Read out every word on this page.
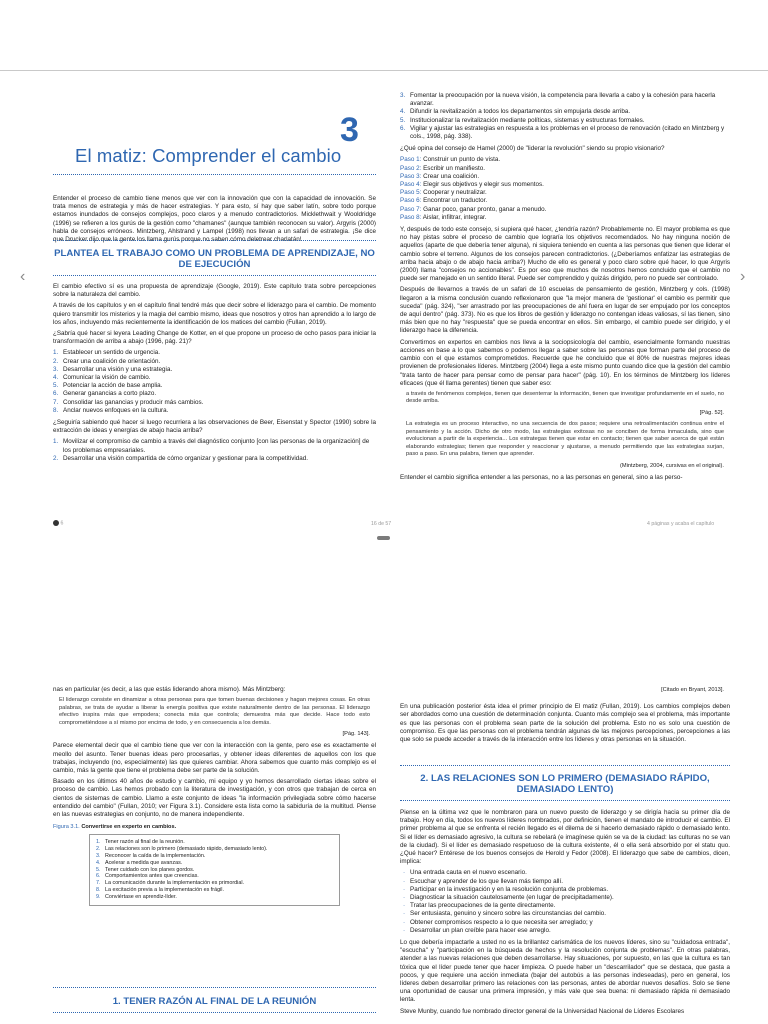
‹	›
3
El matiz: Comprender el cambio

Entender el proceso de cambio tiene menos que ver con la innovación que con la capacidad de innovación. Se trata menos de estrategia y más de hacer estrategias. Y para esto, sí hay que saber latín, sobre todo porque estamos inundados de consejos complejos, poco claros y a menudo contradictorios. Micklethwait y Wooldridge (1996) se refieren a los gurús de la gestión como "chamanes" (aunque también reconocen su valor). Argyris (2000) habla de consejos erróneos. Mintzberg, Ahlstrand y Lampel (1998) nos llevan a un safari de estrategia. ¡Se dice que Drucker dijo que la gente los llama gurús porque no saben cómo deletrear charlatán!

PLANTEA EL TRABAJO COMO UN PROBLEMA DE APRENDIZAJE, NO DE EJECUCIÓN

El cambio efectivo sí es una propuesta de aprendizaje (Google, 2019). Este capítulo trata sobre percepciones sobre la naturaleza del cambio.

A través de los capítulos y en el capítulo final tendré más que decir sobre el liderazgo para el cambio. De momento quiero transmitir los misterios y la magia del cambio mismo, ideas que nosotros y otros han aprendido a lo largo de los años, incluyendo más recientemente la identificación de los matices del cambio (Fullan, 2019).

¿Sabría qué hacer si leyera Leading Change de Kotter, en el que propone un proceso de ocho pasos para iniciar la transformación de arriba a abajo (1996, pág. 21)?

1. Establecer un sentido de urgencia.
2. Crear una coalición de orientación.
3. Desarrollar una visión y una estrategia.
4. Comunicar la visión de cambio.
5. Potenciar la acción de base amplia.
6. Generar ganancias a corto plazo.
7. Consolidar las ganancias y producir más cambios.
8. Anclar nuevos enfoques en la cultura.

¿Seguiría sabiendo qué hacer si luego recurriera a las observaciones de Beer, Eisenstat y Spector (1990) sobre la extracción de ideas y energías de abajo hacia arriba?

1. Movilizar el compromiso de cambio a través del diagnóstico conjunto [con las personas de la organización] de los problemas empresariales.
2. Desarrollar una visión compartida de cómo organizar y gestionar para la competitividad.
3. Fomentar la preocupación por la nueva visión, la competencia para llevarla a cabo y la cohesión para hacerla avanzar.
4. Difundir la revitalización a todos los departamentos sin empujarla desde arriba.
5. Institucionalizar la revitalización mediante políticas, sistemas y estructuras formales.
6. Vigilar y ajustar las estrategias en respuesta a los problemas en el proceso de renovación (citado en Mintzberg y cols., 1998, pág. 338).

¿Qué opina del consejo de Hamel (2000) de "liderar la revolución" siendo su propio visionario?

Paso 1: Construir un punto de vista.
Paso 2: Escribir un manifiesto.
Paso 3: Crear una coalición.
Paso 4: Elegir sus objetivos y elegir sus momentos.
Paso 5: Cooperar y neutralizar.
Paso 6: Encontrar un traductor.
Paso 7: Ganar poco, ganar pronto, ganar a menudo.
Paso 8: Aislar, infiltrar, integrar.

Y, después de todo este consejo, si supiera qué hacer, ¿tendría razón? Probablemente no. El mayor problema es que no hay pistas sobre el proceso de cambio que lograría los objetivos recomendados. No hay ninguna noción de aquellos (aparte de que debería tener alguna), ni siquiera teniendo en cuenta a las personas que tienen que liderar el cambio sobre el terreno. Algunos de los consejos parecen contradictorios. (¿Deberíamos enfatizar las estrategias de arriba hacia abajo o de abajo hacia arriba?) Mucho de ello es general y poco claro sobre qué hacer, lo que Argyris (2000) llama "consejos no accionables". Es por eso que muchos de nosotros hemos concluido que el cambio no puede ser manejado en un sentido literal. Puede ser comprendido y quizás dirigido, pero no puede ser controlado.

Después de llevarnos a través de un safari de 10 escuelas de pensamiento de gestión, Mintzberg y cols. (1998) llegaron a la misma conclusión cuando reflexionaron que "la mejor manera de 'gestionar' el cambio es permitir que suceda" (pág. 324), "ser arrastrado por las preocupaciones de ahí fuera en lugar de ser empujado por los conceptos de aquí dentro" (pág. 373). No es que los libros de gestión y liderazgo no contengan ideas valiosas, sí las tienen, sino más bien que no hay "respuesta" que se pueda encontrar en ellos. Sin embargo, el cambio puede ser dirigido, y el liderazgo hace la diferencia.

Convertirnos en expertos en cambios nos lleva a la sociopsicología del cambio, esencialmente formando nuestras acciones en base a lo que sabemos o podemos llegar a saber sobre las personas que forman parte del proceso de cambio con el que estamos comprometidos. Recuerde que he concluido que el 80% de nuestras mejores ideas provienen de profesionales líderes. Mintzberg (2004) llega a este mismo punto cuando dice que la gestión del cambio "trata tanto de hacer para pensar como de pensar para hacer" (pág. 10). En los términos de Mintzberg los líderes eficaces (que él llama gerentes) tienen que saber eso:

a través de fenómenos complejos, tienen que desenterrar la información, tienen que investigar profundamente en el suelo, no desde arriba.
[Pág. 52].
La estrategia es un proceso interactivo, no una secuencia de dos pasos; requiere una retroalimentación continua entre el pensamiento y la acción. Dicho de otro modo, las estrategias exitosas no se conciben de forma inmaculada, sino que evolucionan a partir de la experiencia... Los estrategas tienen que estar en contacto; tienen que saber acerca de qué están elaborando estrategias; tienen que responder y reaccionar y ajustarse, a menudo permitiendo que las estrategias surjan, paso a paso. En una palabra, tienen que aprender.
(Mintzberg, 2004, cursivas en el original).

Entender el cambio significa entender a las personas, no a las personas en general, sino a las perso-

6	16 de 57	4 páginas y acaba el capítulo

nas en particular (es decir, a las que estás liderando ahora mismo). Más Mintzberg:

El liderazgo consiste en dinamizar a otras personas para que tomen buenas decisiones y hagan mejores cosas. En otras palabras, se trata de ayudar a liberar la energía positiva que existe naturalmente dentro de las personas. El liderazgo efectivo inspira más que empodera; conecta más que controla; demuestra más que decide. Hace todo esto comprometiéndose a sí mismo por encima de todo, y en consecuencia a los demás.
[Pág. 143].

Parece elemental decir que el cambio tiene que ver con la interacción con la gente, pero ese es exactamente el meollo del asunto. Tener buenas ideas pero procesarlas, y obtener ideas diferentes de aquellos con los que trabajas, incluyendo (no, especialmente) las que quieres cambiar. Ahora sabemos que cuanto más complejo es el cambio, más la gente que tiene el problema debe ser parte de la solución.

Basado en los últimos 40 años de estudio y cambio, mi equipo y yo hemos desarrollado ciertas ideas sobre el proceso de cambio. Las hemos probado con la literatura de investigación, y con otros que trabajan de cerca en cientos de sistemas de cambio. Llamo a este conjunto de ideas "la información privilegiada sobre cómo hacerse entendido del cambio" (Fullan, 2010; ver Figura 3.1). Considere esta lista como la sabiduría de la multitud. Piense en las nuevas estrategias en conjunto, no de manera independiente.

Figura 3.1. Convertirse en experto en cambios.
1. Tener razón al final de la reunión.
2. Las relaciones son lo primero (demasiado rápido, demasiado lento).
3. Reconocer la caída de la implementación.
4. Acelerar a medida que avanzas.
5. Tener cuidado con los planes gordos.
6. Comportamientos antes que creencias.
7. La comunicación durante la implementación es primordial.
8. La excitación previa a la implementación es frágil.
9. Conviértase en aprendiz-líder.
1. TENER RAZÓN AL FINAL DE LA REUNIÓN
[Citado en Bryant, 2013].

En una publicación posterior ésta idea el primer principio de El matiz (Fullan, 2019). Los cambios complejos deben ser abordados como una cuestión de determinación conjunta. Cuanto más complejo sea el problema, más importante es que las personas con el problema sean parte de la solución del problema. Esto no es solo una cuestión de compromiso. Es que las personas con el problema tendrán algunas de las mejores percepciones, percepciones a las que solo se puede acceder a través de la interacción entre los líderes y otras personas en la situación.

2. LAS RELACIONES SON LO PRIMERO (DEMASIADO RÁPIDO, DEMASIADO LENTO)

Piense en la última vez que le nombraron para un nuevo puesto de liderazgo y se dirigía hacia su primer día de trabajo. Hoy en día, todos los nuevos líderes nombrados, por definición, tienen el mandato de introducir el cambio. El primer problema al que se enfrenta el recién llegado es el dilema de si hacerlo demasiado rápido o demasiado lento. Si el líder es demasiado agresivo, la cultura se rebelará (e imagínese quién se va de la ciudad: las culturas no se van de la ciudad). Si el líder es demasiado respetuoso de la cultura existente, él o ella será absorbido por el statu quo. ¿Qué hacer? Entérese de los buenos consejos de Herold y Fedor (2008). El liderazgo que sabe de cambios, dicen, implica:

· Una entrada cauta en el nuevo escenario.
· Escuchar y aprender de los que llevan más tiempo allí.
· Participar en la investigación y en la resolución conjunta de problemas.
· Diagnosticar la situación cautelosamente (en lugar de precipitadamente).
· Tratar las preocupaciones de la gente directamente.
· Ser entusiasta, genuino y sincero sobre las circunstancias del cambio.
· Obtener compromisos respecto a lo que necesita ser arreglado; y
· Desarrollar un plan creíble para hacer ese arreglo.

Lo que debería impactarle a usted no es la brillantez carismática de los nuevos líderes, sino su "cuidadosa entrada", "escucha" y "participación en la búsqueda de hechos y la resolución conjunta de problemas". En otras palabras, atender a las nuevas relaciones que deben desarrollarse. Hay situaciones, por supuesto, en las que la cultura es tan tóxica que el líder puede tener que hacer limpieza. O puede haber un "descarrilador" que se destaca, que gasta a pocos, y que requiere una acción inmediata (bajar del autobús a las personas indeseadas), pero en general, los líderes deben desarrollar primero las relaciones con las personas, antes de abordar nuevos desafíos. Solo se tiene una oportunidad de causar una primera impresión, y más vale que sea buena: ni demasiado rápida ni demasiado lenta.

Steve Munby, cuando fue nombrado director general de la Universidad Nacional de Líderes Escolares
